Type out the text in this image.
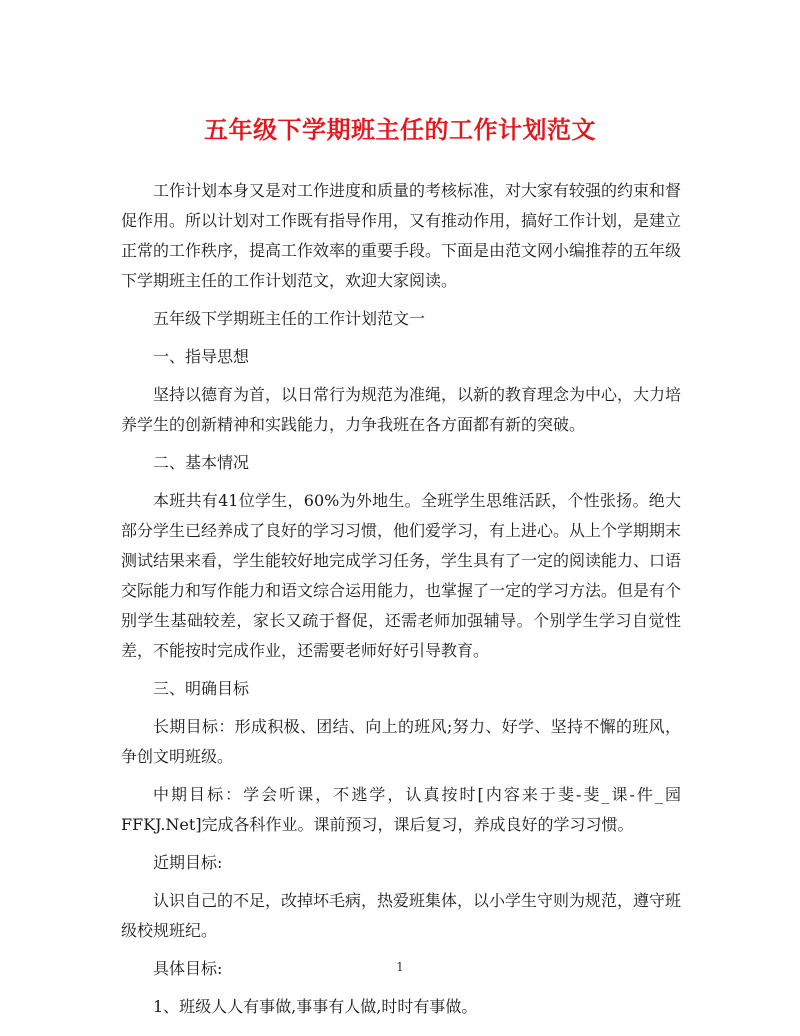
五年级下学期班主任的工作计划范文

工作计划本身又是对工作进度和质量的考核标准，对大家有较强的约束和督促作用。所以计划对工作既有指导作用，又有推动作用，搞好工作计划，是建立正常的工作秩序，提高工作效率的重要手段。下面是由范文网小编推荐的五年级下学期班主任的工作计划范文，欢迎大家阅读。

五年级下学期班主任的工作计划范文一

一、指导思想

坚持以德育为首，以日常行为规范为准绳，以新的教育理念为中心，大力培养学生的创新精神和实践能力，力争我班在各方面都有新的突破。

二、基本情况

本班共有41位学生，60%为外地生。全班学生思维活跃，个性张扬。绝大部分学生已经养成了良好的学习习惯，他们爱学习，有上进心。从上个学期期末测试结果来看，学生能较好地完成学习任务，学生具有了一定的阅读能力、口语交际能力和写作能力和语文综合运用能力，也掌握了一定的学习方法。但是有个别学生基础较差，家长又疏于督促，还需老师加强辅导。个别学生学习自觉性差，不能按时完成作业，还需要老师好好引导教育。

三、明确目标

长期目标：形成积极、团结、向上的班风;努力、好学、坚持不懈的班风，争创文明班级。

中期目标：学会听课，不逃学，认真按时[内容来于斐-斐_课-件_园FFKJ.Net]完成各科作业。课前预习，课后复习，养成良好的学习习惯。

近期目标:

认识自己的不足，改掉坏毛病，热爱班集体，以小学生守则为规范，遵守班级校规班纪。

具体目标:

1、班级人人有事做,事事有人做,时时有事做。

1
